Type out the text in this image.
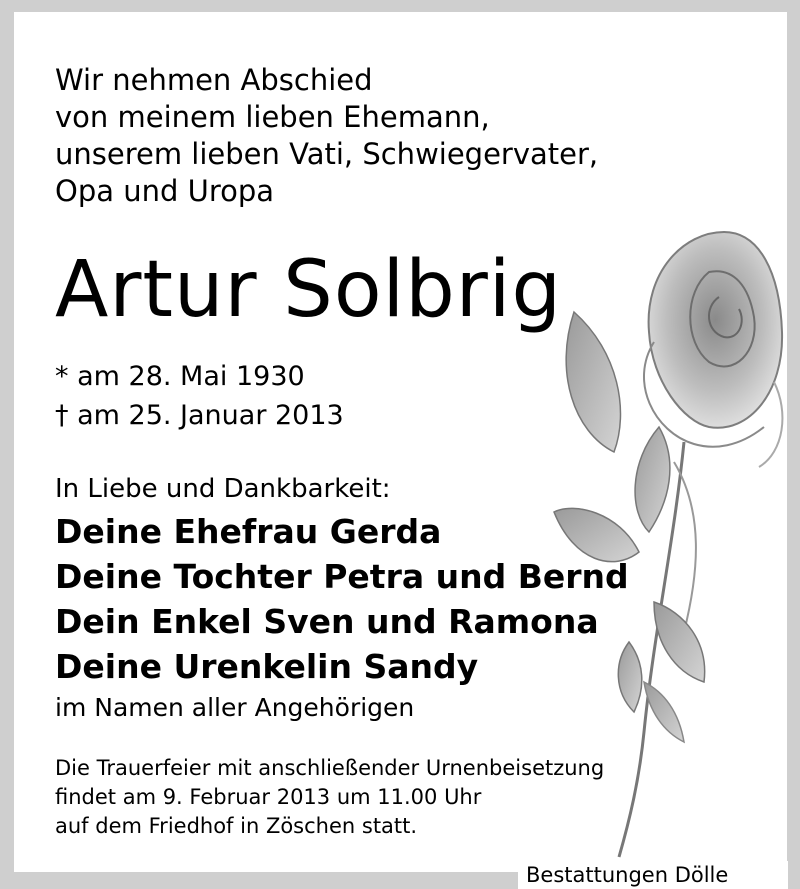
Wir nehmen Abschied
von meinem lieben Ehemann,
unserem lieben Vati, Schwiegervater,
Opa und Uropa
Artur Solbrig
* am 28. Mai 1930
† am 25. Januar 2013
In Liebe und Dankbarkeit:
Deine Ehefrau Gerda
Deine Tochter Petra und Bernd
Dein Enkel Sven und Ramona
Deine Urenkelin Sandy
im Namen aller Angehörigen
Die Trauerfeier mit anschließender Urnenbeisetzung
findet am 9. Februar 2013 um 11.00 Uhr
auf dem Friedhof in Zöschen statt.
Bestattungen Dölle
